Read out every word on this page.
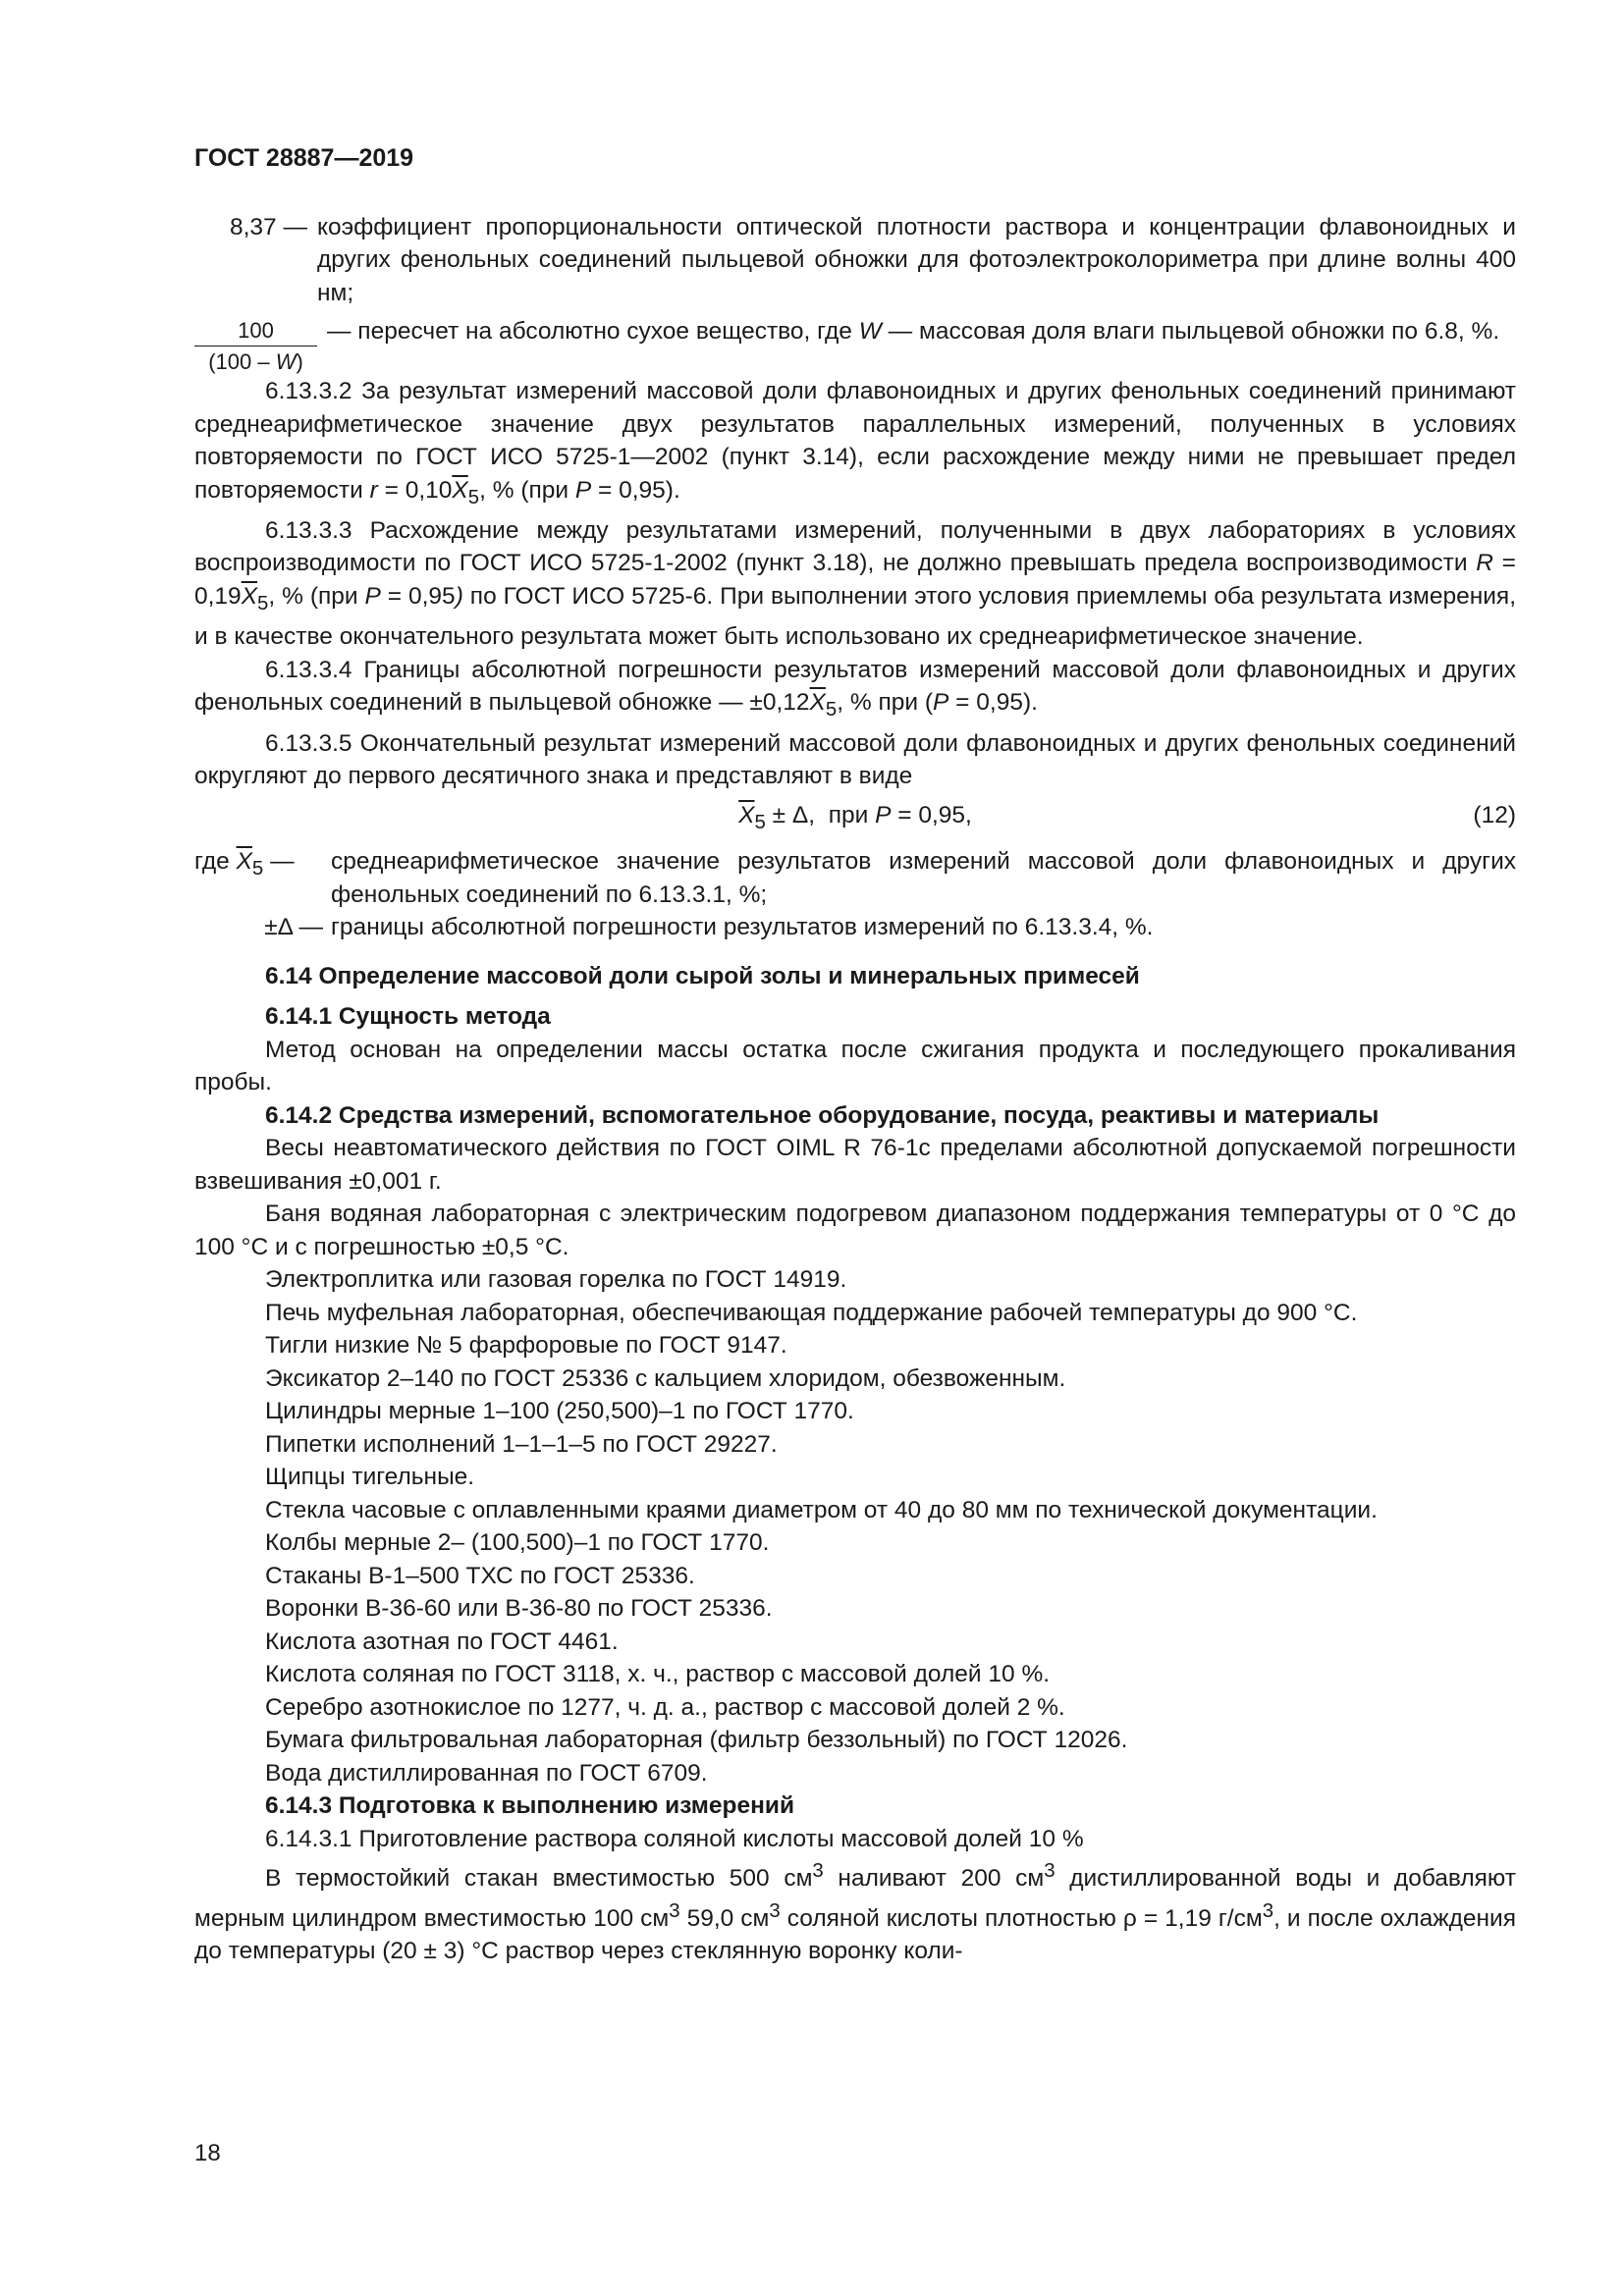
ГОСТ 28887—2019
8,37 — коэффициент пропорциональности оптической плотности раствора и концентрации флавоноидных и других фенольных соединений пыльцевой обножки для фотоэлектроколориметра при длине волны 400 нм;
$\frac{100}{(100 - W)}$ — пересчет на абсолютно сухое вещество, где W — массовая доля влаги пыльцевой обножки по 6.8, %.

6.13.3.2 За результат измерений массовой доли флавоноидных и других фенольных соединений принимают среднеарифметическое значение двух результатов параллельных измерений, полученных в условиях повторяемости по ГОСТ ИСО 5725-1—2002 (пункт 3.14), если расхождение между ними не превышает предел повторяемости $r = 0,10\overline{X}_5$, % (при P = 0,95).

6.13.3.3 Расхождение между результатами измерений, полученными в двух лабораториях в условиях воспроизводимости по ГОСТ ИСО 5725-1-2002 (пункт 3.18), не должно превышать предела воспроизводимости $R = 0,19\overline{X}_5$, % (при P = 0,95) по ГОСТ ИСО 5725-6. При выполнении этого условия приемлемы оба результата измерения, и в качестве окончательного результата может быть использовано их среднеарифметическое значение.

6.13.3.4 Границы абсолютной погрешности результатов измерений массовой доли флавоноидных и других фенольных соединений в пыльцевой обножке — $\pm 0,12\overline{X}_5$, % при (P = 0,95).

6.13.3.5 Окончательный результат измерений массовой доли флавоноидных и других фенольных соединений округляют до первого десятичного знака и представляют в виде

$\overline{X}_5 \pm \Delta$,  при P = 0,95,	(12)
где $\overline{X}_5$ —	среднеарифметическое значение результатов измерений массовой доли флавоноидных и других фенольных соединений по 6.13.3.1, %;
±Δ — границы абсолютной погрешности результатов измерений по 6.13.3.4, %.

6.14 Определение массовой доли сырой золы и минеральных примесей

6.14.1 Сущность метода

Метод основан на определении массы остатка после сжигания продукта и последующего прокаливания пробы.

6.14.2 Средства измерений, вспомогательное оборудование, посуда, реактивы и материалы

Весы неавтоматического действия по ГОСТ OIML R 76-1с пределами абсолютной допускаемой погрешности взвешивания ±0,001 г.

Баня водяная лабораторная с электрическим подогревом диапазоном поддержания температуры от 0 °С до 100 °С и с погрешностью ±0,5 °С.

Электроплитка или газовая горелка по ГОСТ 14919.

Печь муфельная лабораторная, обеспечивающая поддержание рабочей температуры до 900 °С.

Тигли низкие № 5 фарфоровые по ГОСТ 9147.

Эксикатор 2–140 по ГОСТ 25336 с кальцием хлоридом, обезвоженным.

Цилиндры мерные 1–100 (250,500)–1 по ГОСТ 1770.

Пипетки исполнений 1–1–1–5 по ГОСТ 29227.

Щипцы тигельные.

Стекла часовые с оплавленными краями диаметром от 40 до 80 мм по технической документации.

Колбы мерные 2– (100,500)–1 по ГОСТ 1770.

Стаканы В-1–500 ТХС по ГОСТ 25336.

Воронки В-36-60 или В-36-80 по ГОСТ 25336.

Кислота азотная по ГОСТ 4461.

Кислота соляная по ГОСТ 3118, х. ч., раствор с массовой долей 10 %.

Серебро азотнокислое по 1277, ч. д. а., раствор с массовой долей 2 %.

Бумага фильтровальная лабораторная (фильтр беззольный) по ГОСТ 12026.

Вода дистиллированная по ГОСТ 6709.

6.14.3 Подготовка к выполнению измерений

6.14.3.1 Приготовление раствора соляной кислоты массовой долей 10 %

В термостойкий стакан вместимостью 500 $см^3$ наливают 200 $см^3$ дистиллированной воды и добавляют мерным цилиндром вместимостью 100 $см^3$ 59,0 $см^3$ соляной кислоты плотностью ρ = 1,19 $г/см^3$, и после охлаждения до температуры (20 ± 3) °С раствор через стеклянную воронку коли-

18
